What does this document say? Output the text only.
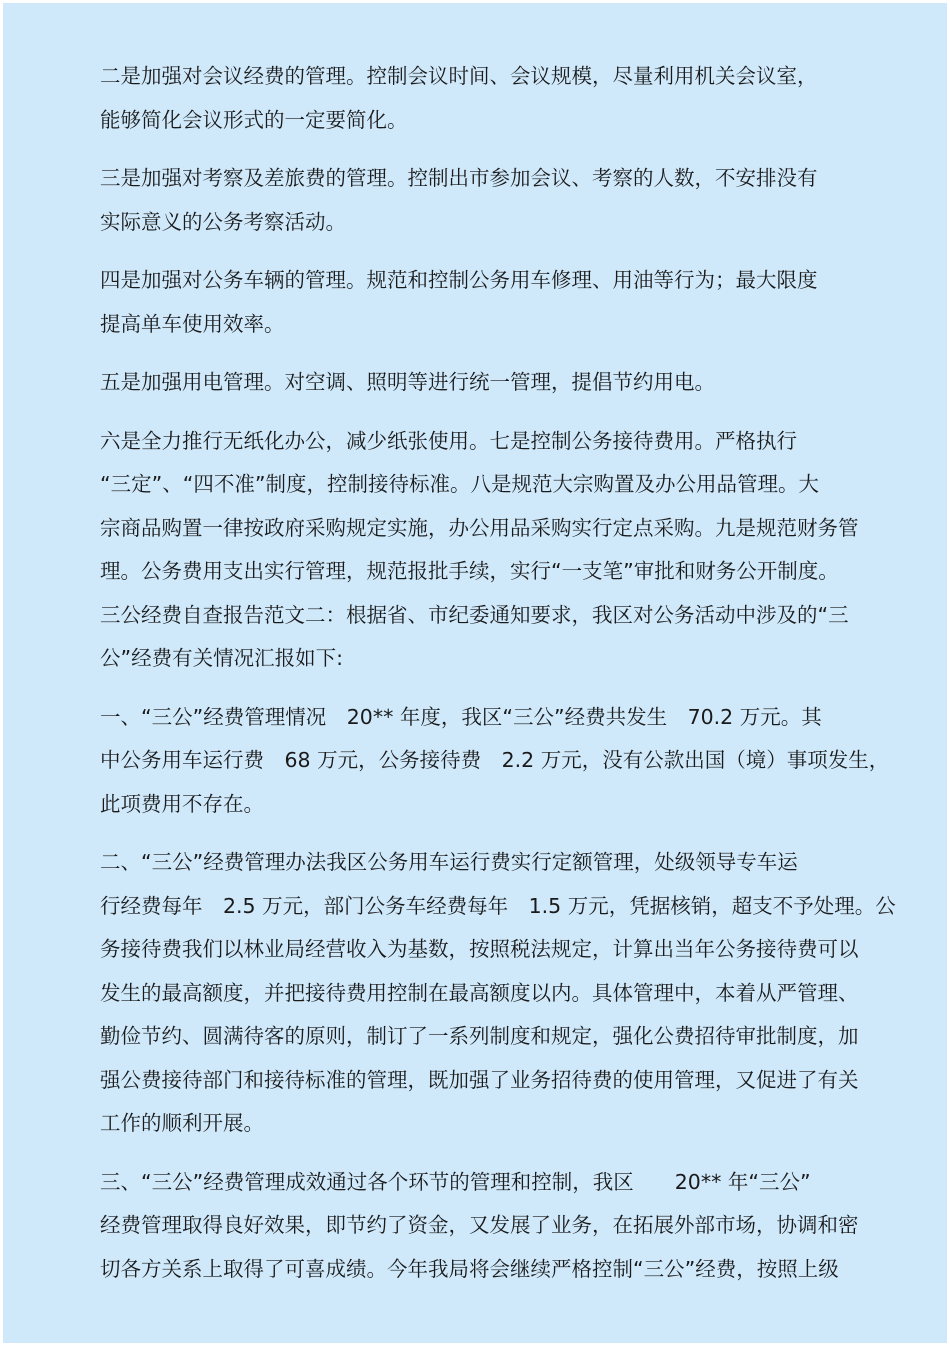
二是加强对会议经费的管理。控制会议时间、会议规模，尽量利用机关会议室，
能够简化会议形式的一定要简化。
三是加强对考察及差旅费的管理。控制出市参加会议、考察的人数，不安排没有
实际意义的公务考察活动。
四是加强对公务车辆的管理。规范和控制公务用车修理、用油等行为；最大限度
提高单车使用效率。
五是加强用电管理。对空调、照明等进行统一管理，提倡节约用电。
六是全力推行无纸化办公，减少纸张使用。七是控制公务接待费用。严格执行
“三定”、“四不准”制度，控制接待标准。八是规范大宗购置及办公用品管理。大
宗商品购置一律按政府采购规定实施，办公用品采购实行定点采购。九是规范财务管
理。公务费用支出实行管理，规范报批手续，实行“一支笔”审批和财务公开制度。
三公经费自查报告范文二：根据省、市纪委通知要求，我区对公务活动中涉及的“三
公”经费有关情况汇报如下:
一、“三公”经费管理情况　20** 年度，我区“三公”经费共发生　70.2 万元。其
中公务用车运行费　68 万元，公务接待费　2.2 万元，没有公款出国（境）事项发生，
此项费用不存在。
二、“三公”经费管理办法我区公务用车运行费实行定额管理，处级领导专车运
行经费每年　2.5 万元，部门公务车经费每年　1.5 万元，凭据核销，超支不予处理。公
务接待费我们以林业局经营收入为基数，按照税法规定，计算出当年公务接待费可以
发生的最高额度，并把接待费用控制在最高额度以内。具体管理中，本着从严管理、
勤俭节约、圆满待客的原则，制订了一系列制度和规定，强化公费招待审批制度，加
强公费接待部门和接待标准的管理，既加强了业务招待费的使用管理，又促进了有关
工作的顺利开展。
三、“三公”经费管理成效通过各个环节的管理和控制，我区　　20** 年“三公”
经费管理取得良好效果，即节约了资金，又发展了业务，在拓展外部市场，协调和密
切各方关系上取得了可喜成绩。今年我局将会继续严格控制“三公”经费，按照上级
